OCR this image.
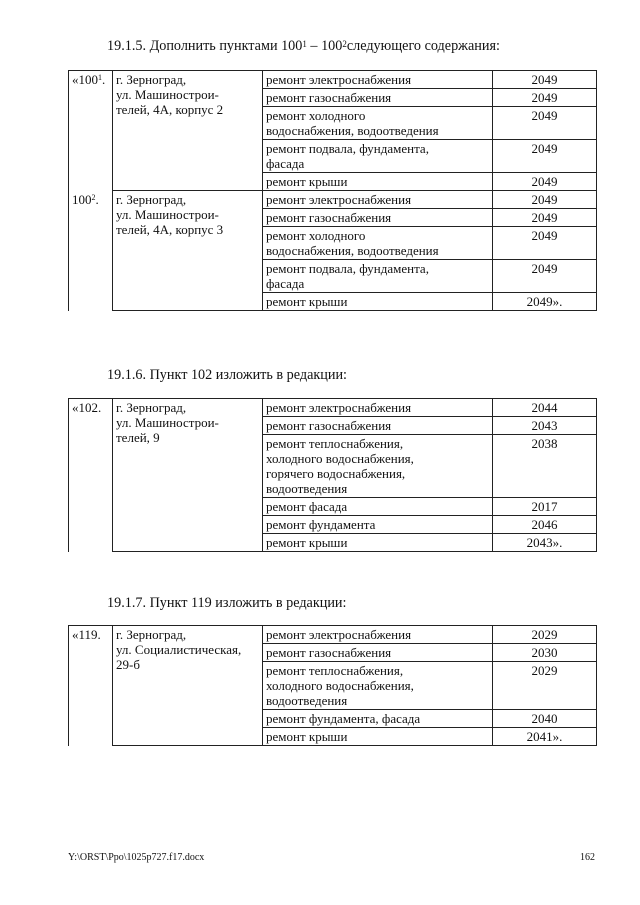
19.1.5. Дополнить пунктами $100^1$ – $100^2следующего$ содержания:
«$100^1$.	г. Зерноград,
ул. Машинострои-
телей, 4А, корпус 2	ремонт электроснабжения	2049
		ремонт газоснабжения	2049
		ремонт холодного
водоснабжения, водоотведения	2049
		ремонт подвала, фундамента,
фасада	2049
		ремонт крыши	2049
$100^2$.	г. Зерноград,
ул. Машинострои-
телей, 4А, корпус 3	ремонт электроснабжения	2049
		ремонт газоснабжения	2049
		ремонт холодного
водоснабжения, водоотведения	2049
		ремонт подвала, фундамента,
фасада	2049
		ремонт крыши	2049».
19.1.6. Пункт 102 изложить в редакции:
«102.	г. Зерноград,
ул. Машинострои-
телей, 9	ремонт электроснабжения	2044
		ремонт газоснабжения	2043
		ремонт теплоснабжения,
холодного водоснабжения,
горячего водоснабжения,
водоотведения	2038
		ремонт фасада	2017
		ремонт фундамента	2046
		ремонт крыши	2043».
19.1.7. Пункт 119 изложить в редакции:
«119.	г. Зерноград,
ул. Социалистическая,
29-б	ремонт электроснабжения	2029
		ремонт газоснабжения	2030
		ремонт теплоснабжения,
холодного водоснабжения,
водоотведения	2029
		ремонт фундамента, фасада	2040
		ремонт крыши	2041».
Y:\ORST\Ppo\1025p727.f17.docx	162
